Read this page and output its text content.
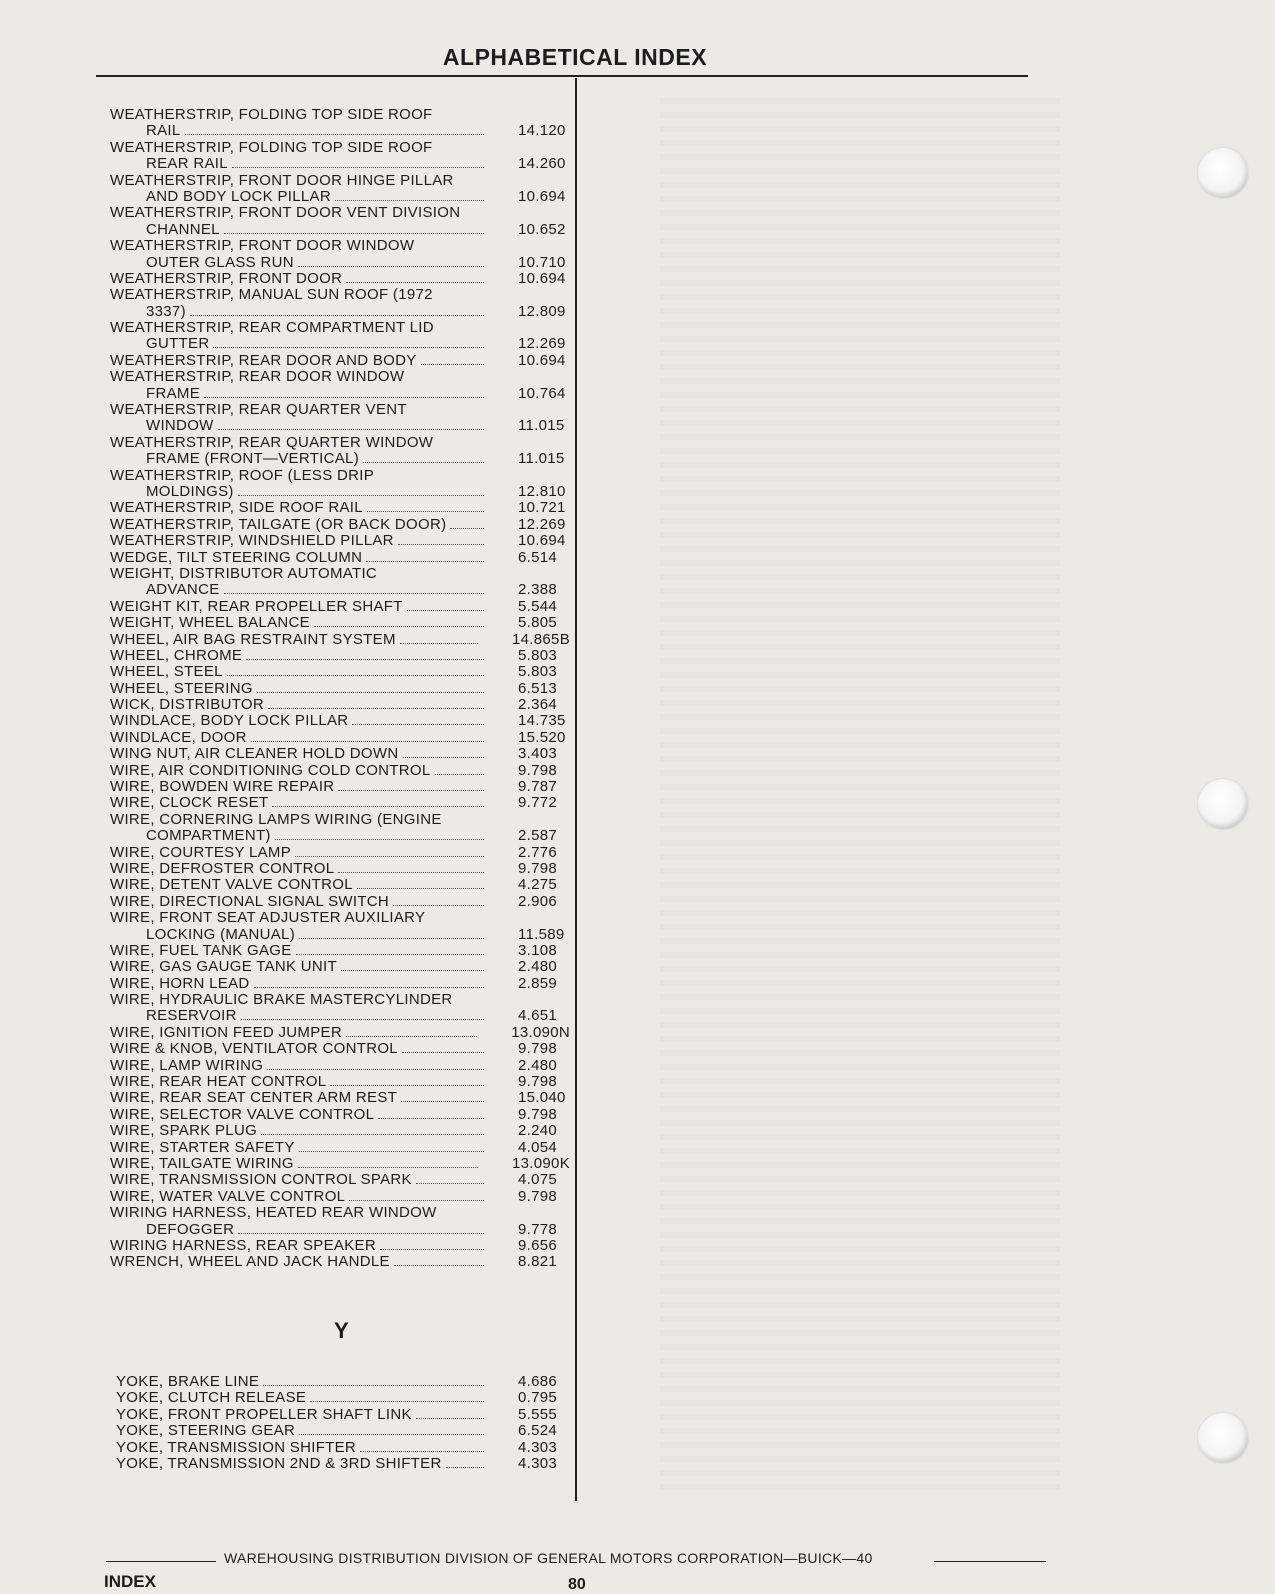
ALPHABETICAL INDEX
WEATHERSTRIP, FOLDING TOP SIDE ROOF
RAIL	14.120
WEATHERSTRIP, FOLDING TOP SIDE ROOF
REAR RAIL	14.260
WEATHERSTRIP, FRONT DOOR HINGE PILLAR
AND BODY LOCK PILLAR	10.694
WEATHERSTRIP, FRONT DOOR VENT DIVISION
CHANNEL	10.652
WEATHERSTRIP, FRONT DOOR WINDOW
OUTER GLASS RUN	10.710
WEATHERSTRIP, FRONT DOOR	10.694
WEATHERSTRIP, MANUAL SUN ROOF (1972
3337)	12.809
WEATHERSTRIP, REAR COMPARTMENT LID
GUTTER	12.269
WEATHERSTRIP, REAR DOOR AND BODY	10.694
WEATHERSTRIP, REAR DOOR WINDOW
FRAME	10.764
WEATHERSTRIP, REAR QUARTER VENT
WINDOW	11.015
WEATHERSTRIP, REAR QUARTER WINDOW
FRAME (FRONT—VERTICAL)	11.015
WEATHERSTRIP, ROOF (LESS DRIP
MOLDINGS)	12.810
WEATHERSTRIP, SIDE ROOF RAIL	10.721
WEATHERSTRIP, TAILGATE (OR BACK DOOR)	12.269
WEATHERSTRIP, WINDSHIELD PILLAR	10.694
WEDGE, TILT STEERING COLUMN	6.514
WEIGHT, DISTRIBUTOR AUTOMATIC
ADVANCE	2.388
WEIGHT KIT, REAR PROPELLER SHAFT	5.544
WEIGHT, WHEEL BALANCE	5.805
WHEEL, AIR BAG RESTRAINT SYSTEM	14.865B
WHEEL, CHROME	5.803
WHEEL, STEEL	5.803
WHEEL, STEERING	6.513
WICK, DISTRIBUTOR	2.364
WINDLACE, BODY LOCK PILLAR	14.735
WINDLACE, DOOR	15.520
WING NUT, AIR CLEANER HOLD DOWN	3.403
WIRE, AIR CONDITIONING COLD CONTROL	9.798
WIRE, BOWDEN WIRE REPAIR	9.787
WIRE, CLOCK RESET	9.772
WIRE, CORNERING LAMPS WIRING (ENGINE
COMPARTMENT)	2.587
WIRE, COURTESY LAMP	2.776
WIRE, DEFROSTER CONTROL	9.798
WIRE, DETENT VALVE CONTROL	4.275
WIRE, DIRECTIONAL SIGNAL SWITCH	2.906
WIRE, FRONT SEAT ADJUSTER AUXILIARY
LOCKING (MANUAL)	11.589
WIRE, FUEL TANK GAGE	3.108
WIRE, GAS GAUGE TANK UNIT	2.480
WIRE, HORN LEAD	2.859
WIRE, HYDRAULIC BRAKE MASTERCYLINDER
RESERVOIR	4.651
WIRE, IGNITION FEED JUMPER	13.090N
WIRE & KNOB, VENTILATOR CONTROL	9.798
WIRE, LAMP WIRING	2.480
WIRE, REAR HEAT CONTROL	9.798
WIRE, REAR SEAT CENTER ARM REST	15.040
WIRE, SELECTOR VALVE CONTROL	9.798
WIRE, SPARK PLUG	2.240
WIRE, STARTER SAFETY	4.054
WIRE, TAILGATE WIRING	13.090K
WIRE, TRANSMISSION CONTROL SPARK	4.075
WIRE, WATER VALVE CONTROL	9.798
WIRING HARNESS, HEATED REAR WINDOW
DEFOGGER	9.778
WIRING HARNESS, REAR SPEAKER	9.656
WRENCH, WHEEL AND JACK HANDLE	8.821
Y
YOKE, BRAKE LINE	4.686
YOKE, CLUTCH RELEASE	0.795
YOKE, FRONT PROPELLER SHAFT LINK	5.555
YOKE, STEERING GEAR	6.524
YOKE, TRANSMISSION SHIFTER	4.303
YOKE, TRANSMISSION 2ND & 3RD SHIFTER	4.303
WAREHOUSING DISTRIBUTION DIVISION OF GENERAL MOTORS CORPORATION—BUICK—40
INDEX	80
